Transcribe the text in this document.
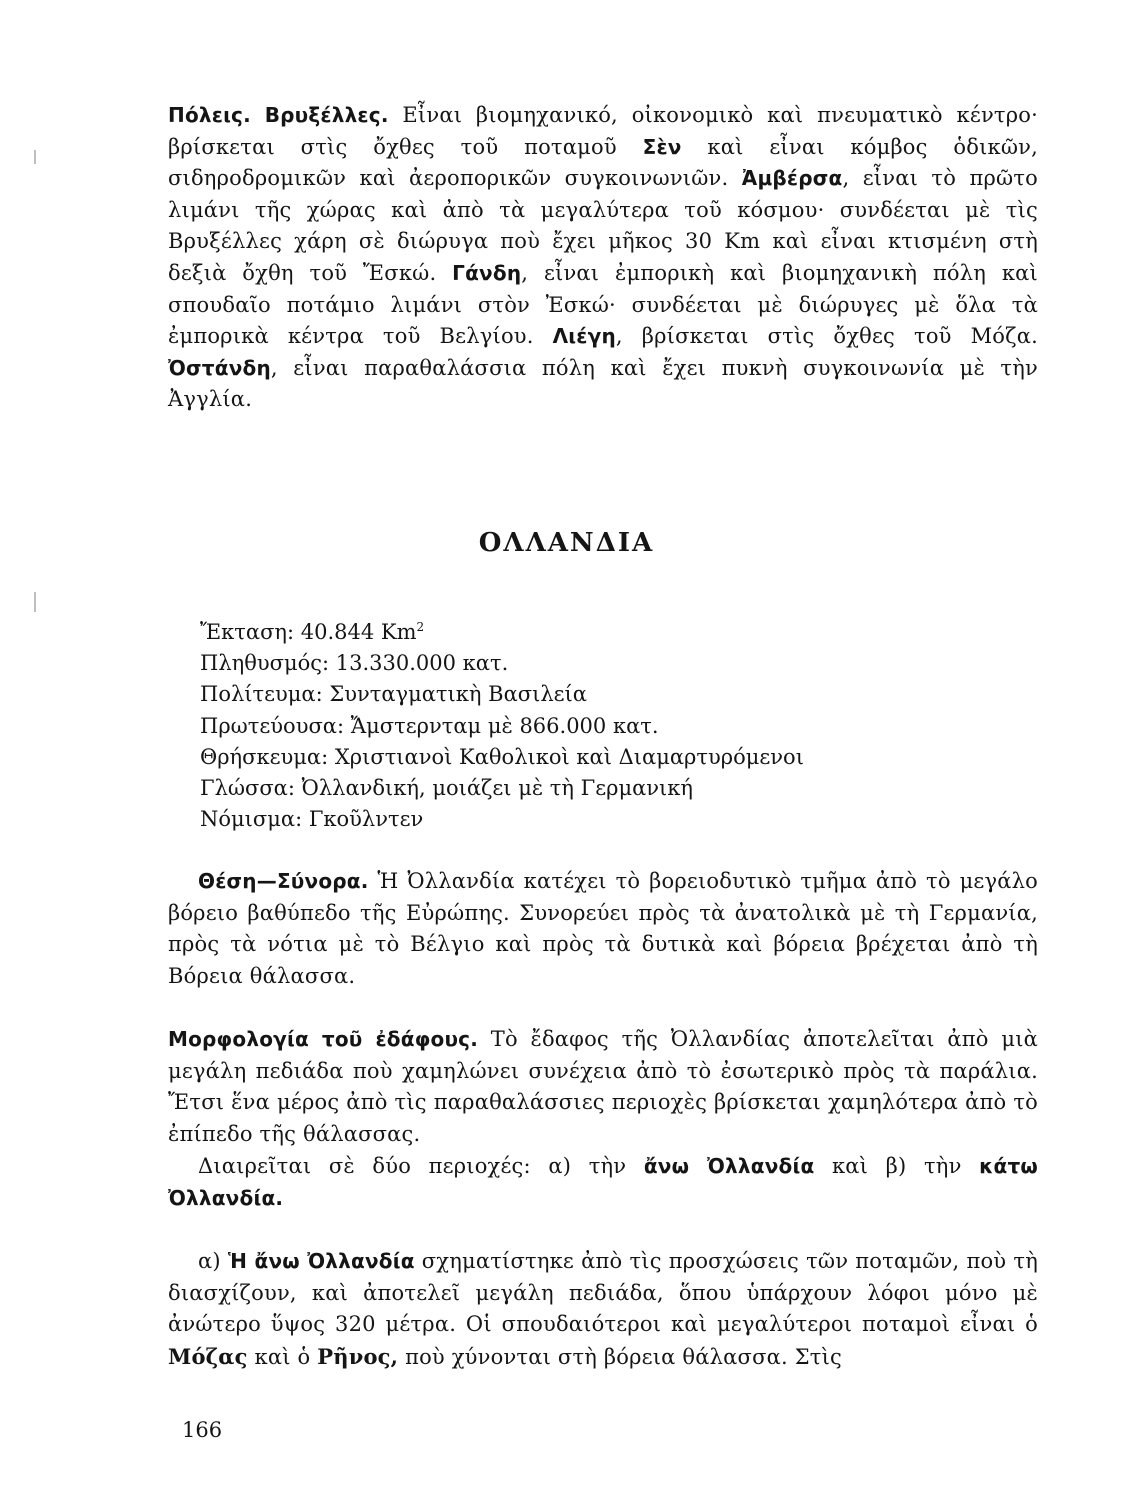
Πόλεις. Βρυξέλλες. Εἶναι βιομηχανικό, οἰκονομικὸ καὶ πνευματικὸ κέντρο· βρίσκεται στὶς ὄχθες τοῦ ποταμοῦ Σὲν καὶ εἶναι κόμβος ὁδικῶν, σιδηροδρομικῶν καὶ ἀεροπορικῶν συγκοινωνιῶν. Ἀμβέρσα, εἶναι τὸ πρῶτο λιμάνι τῆς χώρας καὶ ἀπὸ τὰ μεγαλύτερα τοῦ κόσμου· συνδέεται μὲ τὶς Βρυξέλλες χάρη σὲ διώρυγα ποὺ ἔχει μῆκος 30 Km καὶ εἶναι κτισμένη στὴ δεξιὰ ὄχθη τοῦ Ἔσκώ. Γάνδη, εἶναι ἐμπορικὴ καὶ βιομηχανικὴ πόλη καὶ σπουδαῖο ποτάμιο λιμάνι στὸν Ἐσκώ· συνδέεται μὲ διώρυγες μὲ ὅλα τὰ ἐμπορικὰ κέντρα τοῦ Βελγίου. Λιέγη, βρίσκεται στὶς ὄχθες τοῦ Μόζα. Ὀστάνδη, εἶναι παραθαλάσσια πόλη καὶ ἔχει πυκνὴ συγκοινωνία μὲ τὴν Ἀγγλία.

ΟΛΛΑΝΔΙΑ
Ἔκταση: 40.844 Km$^2$
Πληθυσμός: 13.330.000 κατ.
Πολίτευμα: Συνταγματικὴ Βασιλεία
Πρωτεύουσα: Ἄμστερνταμ μὲ 866.000 κατ.
Θρήσκευμα: Χριστιανοὶ Καθολικοὶ καὶ Διαμαρτυρόμενοι
Γλώσσα: Ὀλλανδική, μοιάζει μὲ τὴ Γερμανική
Νόμισμα: Γκοῦλντεν

Θέση—Σύνορα. Ἡ Ὀλλανδία κατέχει τὸ βορειοδυτικὸ τμῆμα ἀπὸ τὸ μεγάλο βόρειο βαθύπεδο τῆς Εὐρώπης. Συνορεύει πρὸς τὰ ἀνατολικὰ μὲ τὴ Γερμανία, πρὸς τὰ νότια μὲ τὸ Βέλγιο καὶ πρὸς τὰ δυτικὰ καὶ βόρεια βρέχεται ἀπὸ τὴ Βόρεια θάλασσα.

Μορφολογία τοῦ ἐδάφους. Τὸ ἔδαφος τῆς Ὀλλανδίας ἀποτελεῖται ἀπὸ μιὰ μεγάλη πεδιάδα ποὺ χαμηλώνει συνέχεια ἀπὸ τὸ ἐσωτερικὸ πρὸς τὰ παράλια. Ἔτσι ἕνα μέρος ἀπὸ τὶς παραθαλάσσιες περιοχὲς βρίσκεται χαμηλότερα ἀπὸ τὸ ἐπίπεδο τῆς θάλασσας.

Διαιρεῖται σὲ δύο περιοχές: α) τὴν ἄνω Ὀλλανδία καὶ β) τὴν κάτω Ὀλλανδία.

α) Ἡ ἄνω Ὀλλανδία σχηματίστηκε ἀπὸ τὶς προσχώσεις τῶν ποταμῶν, ποὺ τὴ διασχίζουν, καὶ ἀποτελεῖ μεγάλη πεδιάδα, ὅπου ὑπάρχουν λόφοι μόνο μὲ ἀνώτερο ὕψος 320 μέτρα. Οἱ σπουδαιότεροι καὶ μεγαλύτεροι ποταμοὶ εἶναι ὁ Μόζας καὶ ὁ Ρῆνος, ποὺ χύνονται στὴ βόρεια θάλασσα. Στὶς

166
